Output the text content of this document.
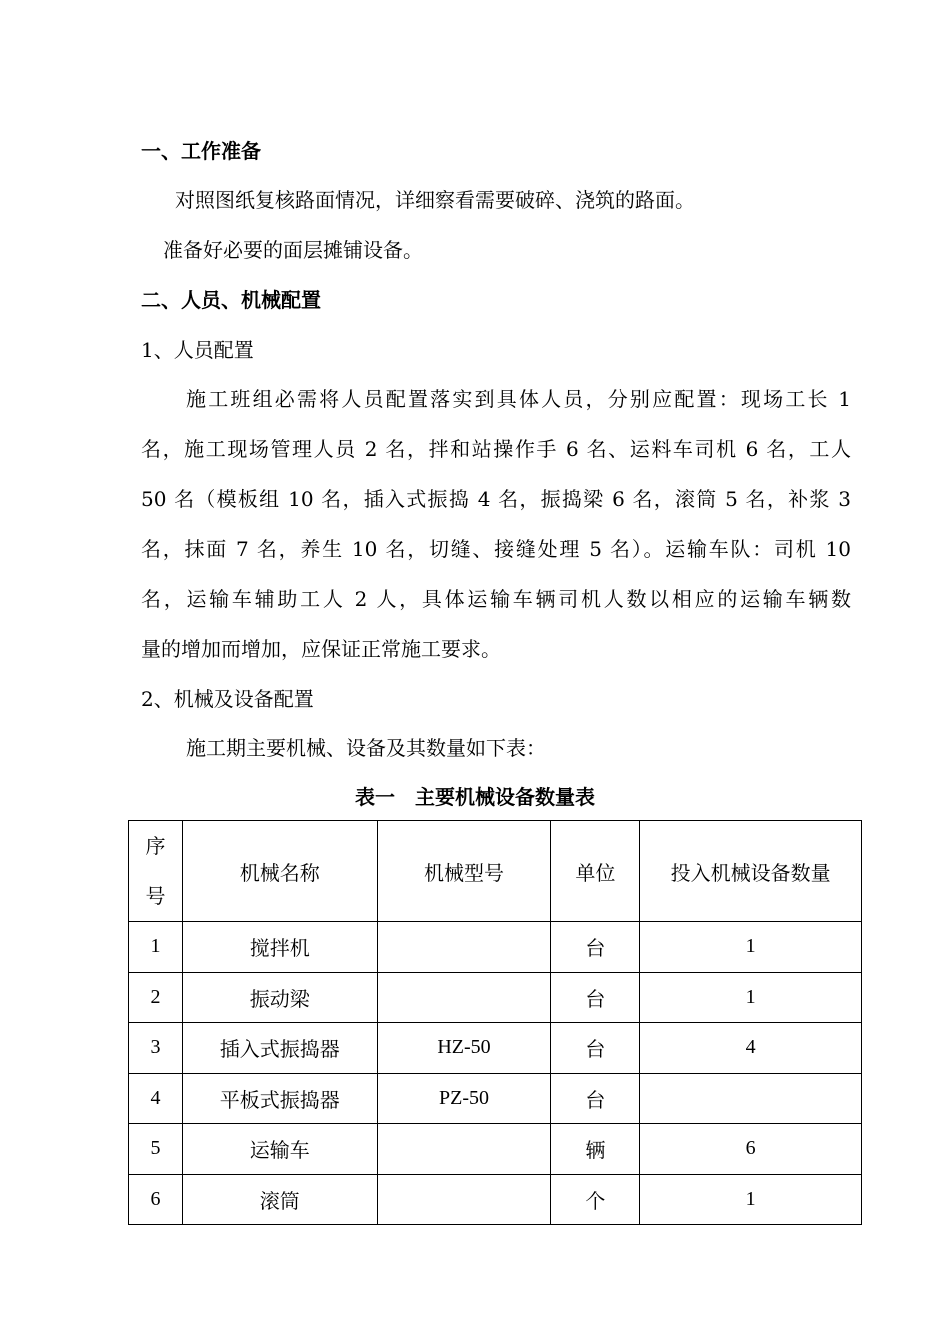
一、工作准备
对照图纸复核路面情况，详细察看需要破碎、浇筑的路面。
准备好必要的面层摊铺设备。
二、人员、机械配置
1、人员配置
施工班组必需将人员配置落实到具体人员，分别应配置：现场工长 1
名，施工现场管理人员 2 名，拌和站操作手 6 名、运料车司机 6 名，工人
50 名（模板组 10 名，插入式振捣 4 名，振捣梁 6 名，滚筒 5 名，补浆 3
名，抹面 7 名，养生 10 名，切缝、接缝处理 5 名）。运输车队：司机 10
名，运输车辅助工人 2 人，具体运输车辆司机人数以相应的运输车辆数
量的增加而增加，应保证正常施工要求。
2、机械及设备配置
施工期主要机械、设备及其数量如下表：
表一　主要机械设备数量表
序
号	机械名称	机械型号	单位	投入机械设备数量
1	搅拌机		台	1
2	振动梁		台	1
3	插入式振捣器	HZ-50	台	4
4	平板式振捣器	PZ-50	台	
5	运输车		辆	6
6	滚筒		个	1
